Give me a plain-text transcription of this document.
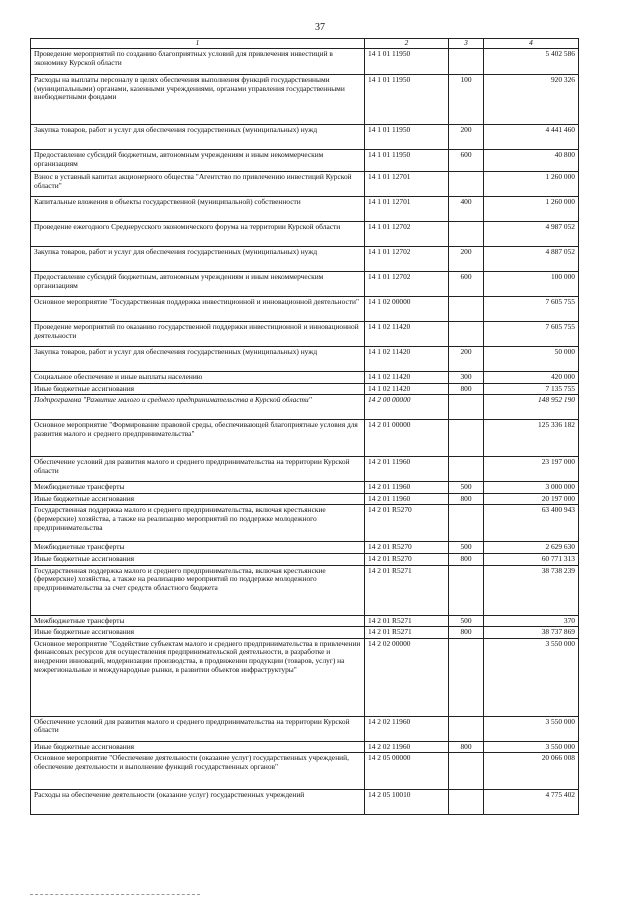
37
1	2	3	4
Проведение мероприятий по созданию благоприятных условий для привлечения инвестиций в экономику Курской области	14 1 01 11950		5 402 586
Расходы на выплаты персоналу в целях обеспечения выполнения функций государственными (муниципальными) органами, казенными учреждениями, органами управления государственными внебюджетными фондами	14 1 01 11950	100	920 326
Закупка товаров, работ и услуг для обеспечения государственных (муниципальных) нужд	14 1 01 11950	200	4 441 460
Предоставление субсидий бюджетным, автономным учреждениям и иным некоммерческим организациям	14 1 01 11950	600	40 800
Взнос в уставный капитал акционерного общества "Агентство по привлечению инвестиций Курской области"	14 1 01 12701		1 260 000
Капитальные вложения в объекты государственной (муниципальной) собственности	14 1 01 12701	400	1 260 000
Проведение ежегодного Среднерусского экономического форума на территории Курской области	14 1 01 12702		4 987 052
Закупка товаров, работ и услуг для обеспечения государственных (муниципальных) нужд	14 1 01 12702	200	4 887 052
Предоставление субсидий бюджетным, автономным учреждениям и иным некоммерческим организациям	14 1 01 12702	600	100 000
Основное мероприятие "Государственная поддержка инвестиционной и инновационной деятельности"	14 1 02 00000		7 605 755
Проведение мероприятий по оказанию государственной поддержки инвестиционной и инновационной деятельности	14 1 02 11420		7 605 755
Закупка товаров, работ и услуг для обеспечения государственных (муниципальных) нужд	14 1 02 11420	200	50 000
Социальное обеспечение и иные выплаты населению	14 1 02 11420	300	420 000
Иные бюджетные ассигнования	14 1 02 11420	800	7 135 755
Подпрограмма "Развитие малого и среднего предпринимательства в Курской области"	14 2 00 00000		148 952 190
Основное мероприятие "Формирование правовой среды, обеспечивающей благоприятные условия для развития малого и среднего предпринимательства"	14 2 01 00000		125 336 182
Обеспечение условий для развития малого и среднего предпринимательства на территории Курской области	14 2 01 11960		23 197 000
Межбюджетные трансферты	14 2 01 11960	500	3 000 000
Иные бюджетные ассигнования	14 2 01 11960	800	20 197 000
Государственная поддержка малого и среднего предпринимательства, включая крестьянские (фермерские) хозяйства, а также на реализацию мероприятий по поддержке молодежного предпринимательства	14 2 01 R5270		63 400 943
Межбюджетные трансферты	14 2 01 R5270	500	2 629 630
Иные бюджетные ассигнования	14 2 01 R5270	800	60 771 313
Государственная поддержка малого и среднего предпринимательства, включая крестьянские (фермерские) хозяйства, а также на реализацию мероприятий по поддержке молодежного предпринимательства за счет средств областного бюджета	14 2 01 R5271		38 738 239
Межбюджетные трансферты	14 2 01 R5271	500	370
Иные бюджетные ассигнования	14 2 01 R5271	800	38 737 869
Основное мероприятие "Содействие субъектам малого и среднего предпринимательства в привлечении финансовых ресурсов для осуществления предпринимательской деятельности, в разработке и внедрении инноваций, модернизации производства, в продвижении продукции (товаров, услуг) на межрегиональные и международные рынки, в развитии объектов инфраструктуры"	14 2 02 00000		3 550 000
Обеспечение условий для развития малого и среднего предпринимательства на территории Курской области	14 2 02 11960		3 550 000
Иные бюджетные ассигнования	14 2 02 11960	800	3 550 000
Основное мероприятие "Обеспечение деятельности (оказание услуг) государственных учреждений, обеспечение деятельности и выполнение функций государственных органов"	14 2 05 00000		20 066 008
Расходы на обеспечение деятельности (оказание услуг) государственных учреждений	14 2 05 10010		4 775 402
